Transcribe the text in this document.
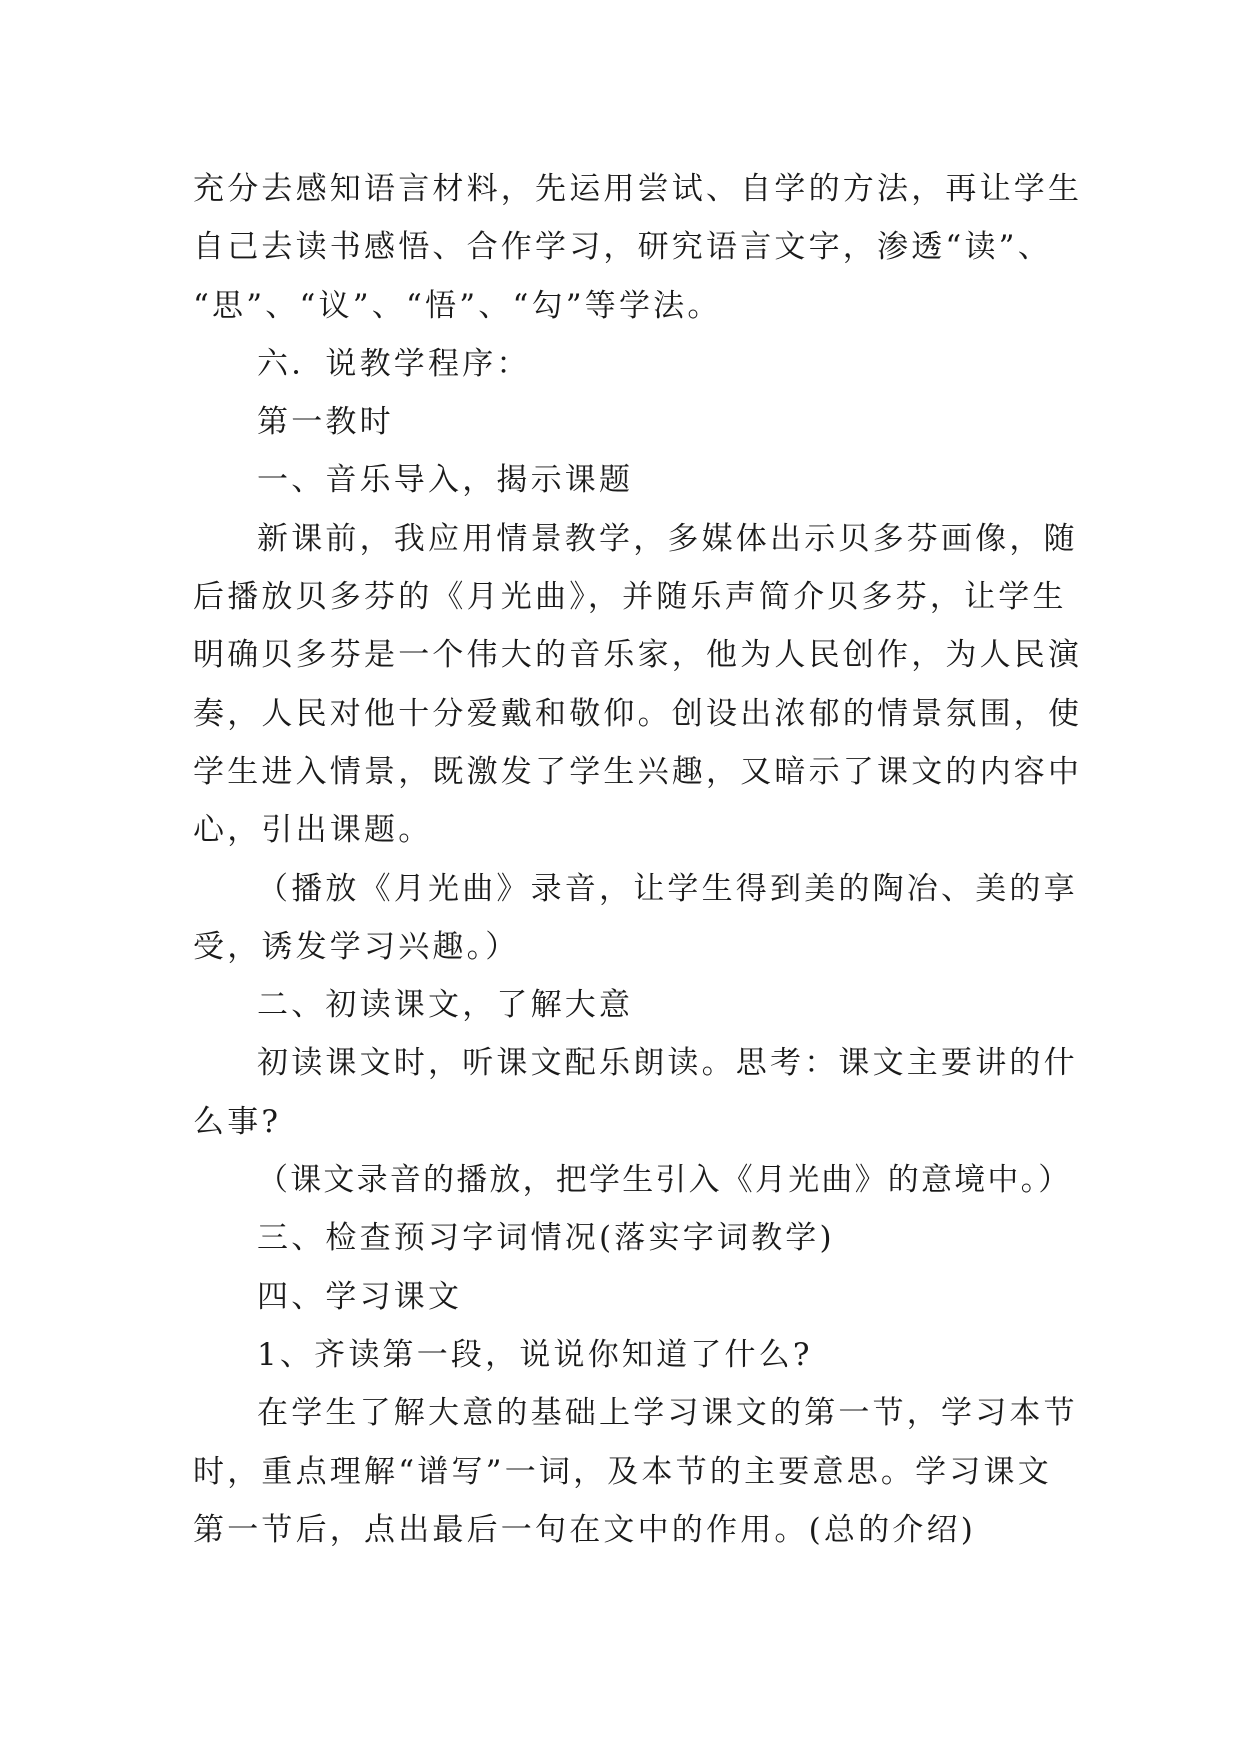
充分去感知语言材料，先运用尝试、自学的方法，再让学生
自己去读书感悟、合作学习，研究语言文字，渗透“读”、
“思”、“议”、“悟”、“勾”等学法。
六．说教学程序：
第一教时
一、音乐导入，揭示课题
新课前，我应用情景教学，多媒体出示贝多芬画像，随
后播放贝多芬的《月光曲》，并随乐声简介贝多芬，让学生
明确贝多芬是一个伟大的音乐家，他为人民创作，为人民演
奏，人民对他十分爱戴和敬仰。创设出浓郁的情景氛围，使
学生进入情景，既激发了学生兴趣，又暗示了课文的内容中
心，引出课题。
（播放《月光曲》录音，让学生得到美的陶冶、美的享
受，诱发学习兴趣。）
二、初读课文，了解大意
初读课文时，听课文配乐朗读。思考：课文主要讲的什
么事?
（课文录音的播放，把学生引入《月光曲》的意境中。）
三、检查预习字词情况(落实字词教学)
四、学习课文
1、齐读第一段，说说你知道了什么?
在学生了解大意的基础上学习课文的第一节，学习本节
时，重点理解“谱写”一词，及本节的主要意思。学习课文
第一节后，点出最后一句在文中的作用。(总的介绍)
